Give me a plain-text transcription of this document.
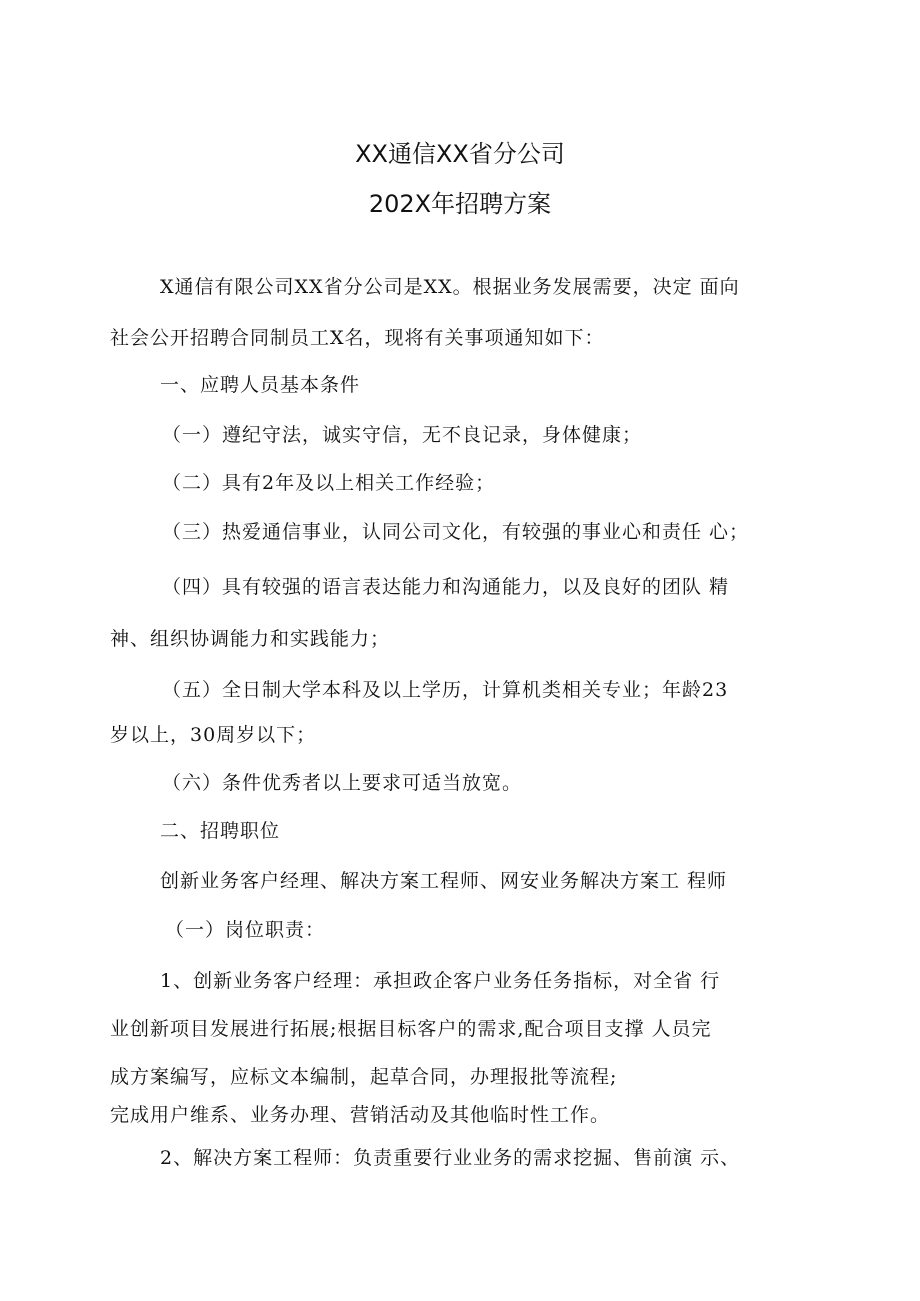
XX通信XX省分公司
202X年招聘方案
X通信有限公司XX省分公司是XX。根据业务发展需要，决定 面向
社会公开招聘合同制员工X名，现将有关事项通知如下：
一、应聘人员基本条件
（一）遵纪守法，诚实守信，无不良记录，身体健康；
（二）具有2年及以上相关工作经验；
（三）热爱通信事业，认同公司文化，有较强的事业心和责任 心；
（四）具有较强的语言表达能力和沟通能力，以及良好的团队 精
神、组织协调能力和实践能力；
（五）全日制大学本科及以上学历，计算机类相关专业；年龄23
岁以上，30周岁以下；
（六）条件优秀者以上要求可适当放宽。
二、招聘职位
创新业务客户经理、解决方案工程师、网安业务解决方案工 程师
（一）岗位职责：
1、创新业务客户经理：承担政企客户业务任务指标，对全省 行
业创新项目发展进行拓展;根据目标客户的需求,配合项目支撑 人员完
成方案编写，应标文本编制，起草合同，办理报批等流程;
完成用户维系、业务办理、营销活动及其他临时性工作。
2、解决方案工程师：负责重要行业业务的需求挖掘、售前演 示、
